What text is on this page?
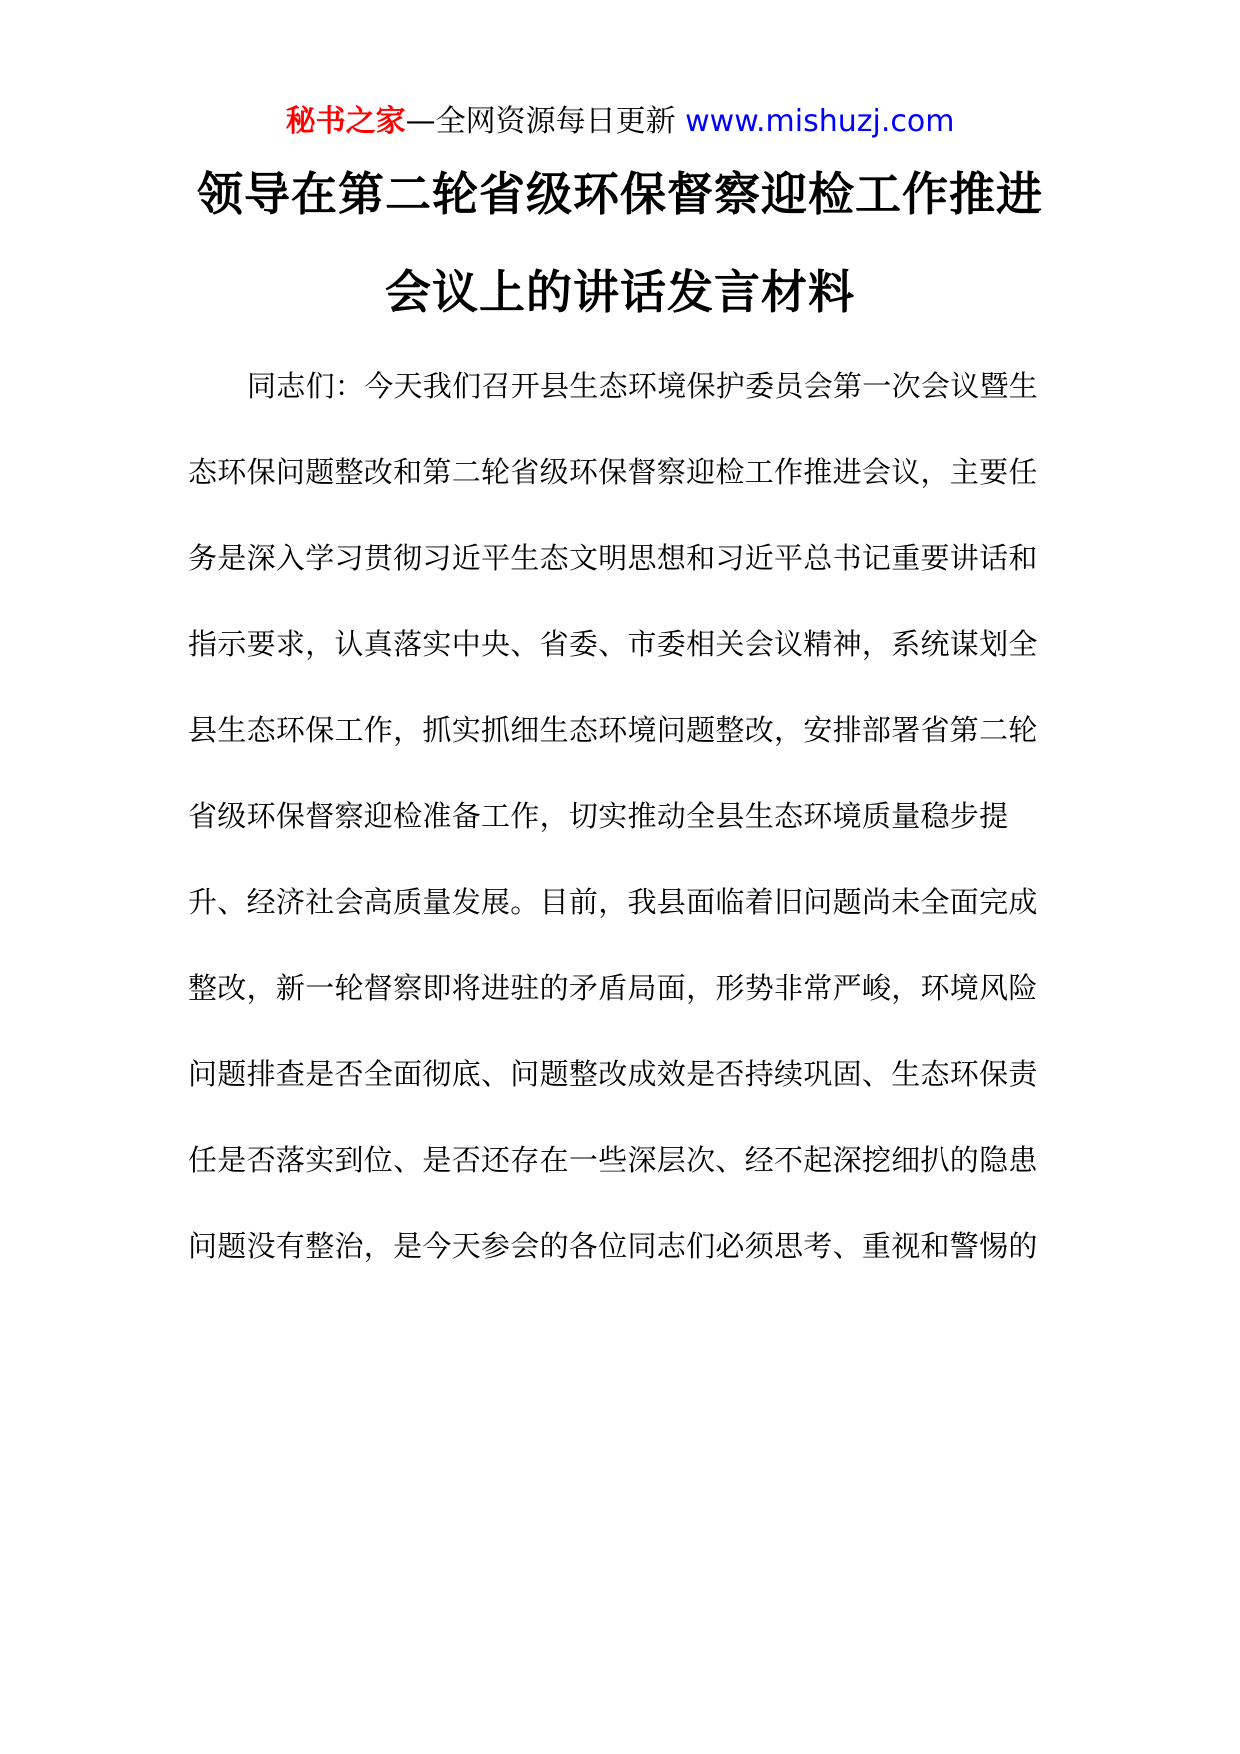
秘书之家—全网资源每日更新 www.mishuzj.com
领导在第二轮省级环保督察迎检工作推进
会议上的讲话发言材料
同志们：今天我们召开县生态环境保护委员会第一次会议暨生
态环保问题整改和第二轮省级环保督察迎检工作推进会议，主要任
务是深入学习贯彻习近平生态文明思想和习近平总书记重要讲话和
指示要求，认真落实中央、省委、市委相关会议精神，系统谋划全
县生态环保工作，抓实抓细生态环境问题整改，安排部署省第二轮
省级环保督察迎检准备工作，切实推动全县生态环境质量稳步提
升、经济社会高质量发展。目前，我县面临着旧问题尚未全面完成
整改，新一轮督察即将进驻的矛盾局面，形势非常严峻，环境风险
问题排查是否全面彻底、问题整改成效是否持续巩固、生态环保责
任是否落实到位、是否还存在一些深层次、经不起深挖细扒的隐患
问题没有整治，是今天参会的各位同志们必须思考、重视和警惕的
